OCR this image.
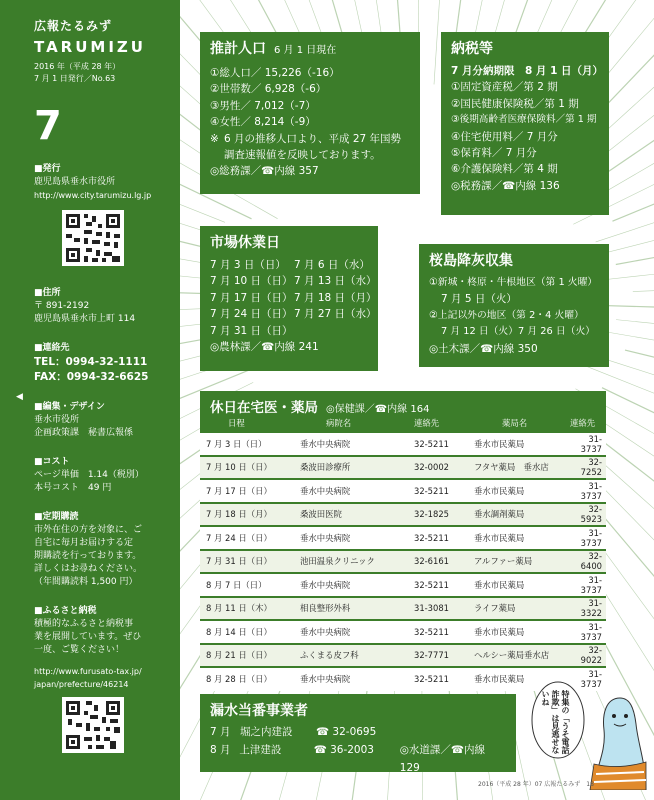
広報たるみず
TARUMIZU
2016 年（平成 28 年）
7 月 1 日発行／No.63
7
■発行
鹿児島県垂水市役所
http://www.city.tarumizu.lg.jp
■住所
〒 891-2192
鹿児島県垂水市上町 114
■連絡先
TEL：0994-32-1111
FAX：0994-32-6625
■編集・デザイン
垂水市役所
企画政策課　秘書広報係
■コスト
ページ単価　1.14（税別）
本号コスト　49 円
■定期購読
市外在住の方を対象に、ご
自宅に毎月お届けする定
期購読を行っております。
詳しくはお尋ねください。
（年間購読料 1,500 円）
■ふるさと納税
積極的なふるさと納税事
業を展開しています。ぜひ
一度、ご覧ください！
http://www.furusato-tax.jp/
japan/prefecture/46214
◀
推計人口 6 月 1 日現在
①総人口／ 15,226（-16）
②世帯数／ 6,928（-6）
③男性／ 7,012（-7）
④女性／ 8,214（-9）
※ 6 月の推移人口より、平成 27 年国勢
調査速報値を反映しております。
◎総務課／☎内線 357
納税等
7 月分納期限　8 月 1 日（月）
①固定資産税／第 2 期
②国民健康保険税／第 1 期
③後期高齢者医療保険料／第 1 期
④住宅使用料／ 7 月分
⑤保育料／ 7 月分
⑥介護保険料／第 4 期
◎税務課／☎内線 136
市場休業日
7 月 3 日（日） 7 月 6 日（水）
7 月 10 日（日） 7 月 13 日（水）
7 月 17 日（日） 7 月 18 日（月）
7 月 24 日（日） 7 月 27 日（水）
7 月 31 日（日）
◎農林課／☎内線 241
桜島降灰収集
①新城・柊原・牛根地区（第 1 火曜）
7 月 5 日（火）
②上記以外の地区（第 2・4 火曜）
7 月 12 日（火）7 月 26 日（火）
◎土木課／☎内線 350
休日在宅医・薬局 ◎保健課／☎内線 164
日程	病院名	連絡先	薬局名	連絡先
7 月 3 日（日）	垂水中央病院	32-5211	垂水市民薬局	31-3737
7 月 10 日（日）	桑波田診療所	32-0002	フタヤ薬局　垂水店	32-7252
7 月 17 日（日）	垂水中央病院	32-5211	垂水市民薬局	31-3737
7 月 18 日（月）	桑波田医院	32-1825	垂水調剤薬局	32-5923
7 月 24 日（日）	垂水中央病院	32-5211	垂水市民薬局	31-3737
7 月 31 日（日）	池田温泉クリニック	32-6161	アルファー薬局	32-6400
8 月 7 日（日）	垂水中央病院	32-5211	垂水市民薬局	31-3737
8 月 11 日（木）	相良整形外科	31-3081	ライフ薬局	31-3322
8 月 14 日（日）	垂水中央病院	32-5211	垂水市民薬局	31-3737
8 月 21 日（日）	ふくまる皮フ科	32-7771	ヘルシー薬局垂水店	32-9022
8 月 28 日（日）	垂水中央病院	32-5211	垂水市民薬局	31-3737
漏水当番事業者
7 月 堀之内建設	☎ 32-0695
8 月 上津建設	☎ 36-2003	◎水道課／☎内線 129
特集の「うそ電話詐欺」は見逃せないね
2016（平成 28 年）07 広報たるみず　18
